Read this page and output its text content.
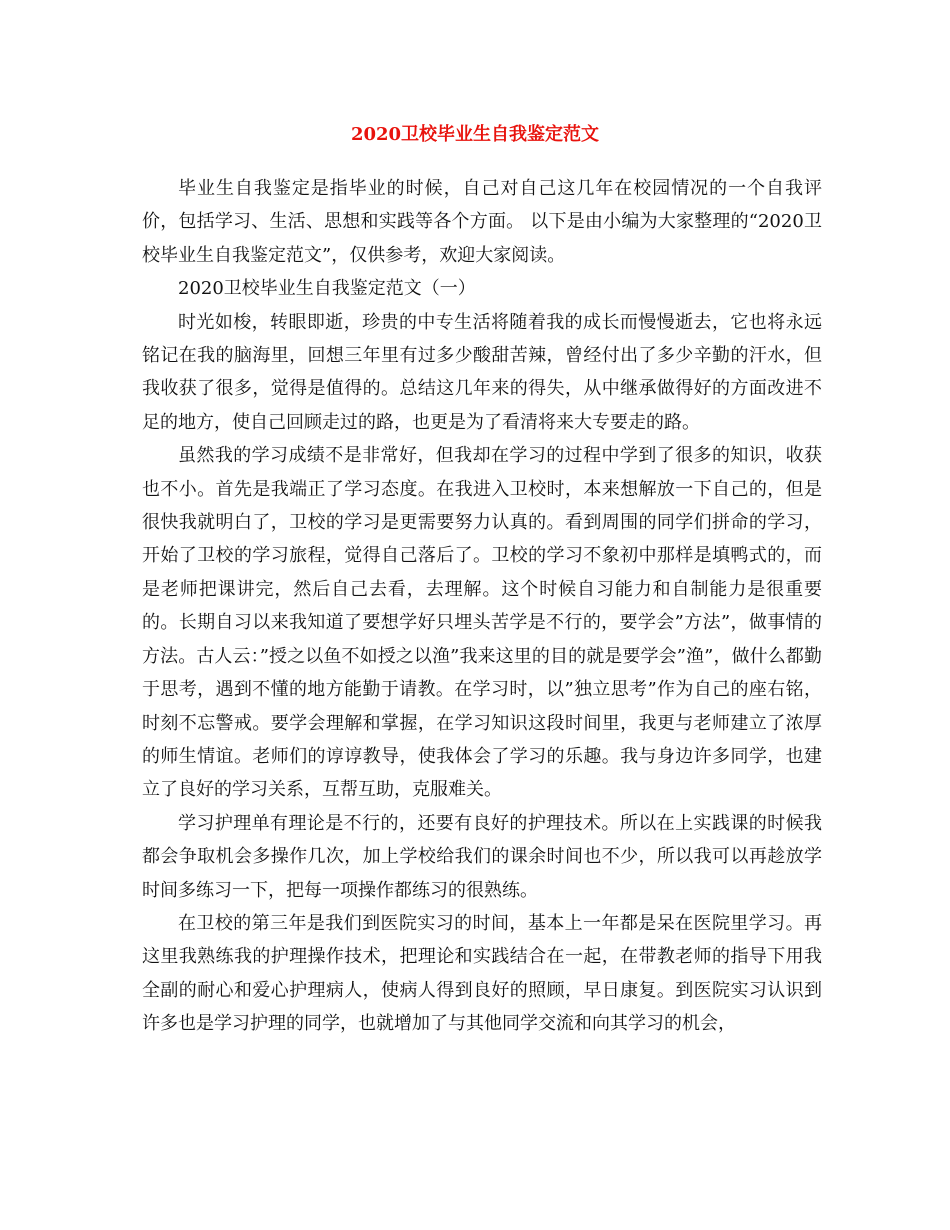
2020卫校毕业生自我鉴定范文

毕业生自我鉴定是指毕业的时候，自己对自己这几年在校园情况的一个自我评价，包括学习、生活、思想和实践等各个方面。 以下是由小编为大家整理的“2020卫校毕业生自我鉴定范文”，仅供参考，欢迎大家阅读。

2020卫校毕业生自我鉴定范文（一）

时光如梭，转眼即逝，珍贵的中专生活将随着我的成长而慢慢逝去，它也将永远铭记在我的脑海里，回想三年里有过多少酸甜苦辣，曾经付出了多少辛勤的汗水，但我收获了很多，觉得是值得的。总结这几年来的得失，从中继承做得好的方面改进不足的地方，使自己回顾走过的路，也更是为了看清将来大专要走的路。

虽然我的学习成绩不是非常好，但我却在学习的过程中学到了很多的知识，收获也不小。首先是我端正了学习态度。在我进入卫校时，本来想解放一下自己的，但是很快我就明白了，卫校的学习是更需要努力认真的。看到周围的同学们拼命的学习，开始了卫校的学习旅程，觉得自己落后了。卫校的学习不象初中那样是填鸭式的，而是老师把课讲完，然后自己去看，去理解。这个时候自习能力和自制能力是很重要的。长期自习以来我知道了要想学好只埋头苦学是不行的，要学会”方法”，做事情的方法。古人云：”授之以鱼不如授之以渔”我来这里的目的就是要学会”渔”，做什么都勤于思考，遇到不懂的地方能勤于请教。在学习时，以”独立思考”作为自己的座右铭，时刻不忘警戒。要学会理解和掌握，在学习知识这段时间里，我更与老师建立了浓厚的师生情谊。老师们的谆谆教导，使我体会了学习的乐趣。我与身边许多同学，也建立了良好的学习关系，互帮互助，克服难关。

学习护理单有理论是不行的，还要有良好的护理技术。所以在上实践课的时候我都会争取机会多操作几次，加上学校给我们的课余时间也不少，所以我可以再趁放学时间多练习一下，把每一项操作都练习的很熟练。

在卫校的第三年是我们到医院实习的时间，基本上一年都是呆在医院里学习。再这里我熟练我的护理操作技术，把理论和实践结合在一起，在带教老师的指导下用我全副的耐心和爱心护理病人，使病人得到良好的照顾，早日康复。到医院实习认识到许多也是学习护理的同学，也就增加了与其他同学交流和向其学习的机会，
